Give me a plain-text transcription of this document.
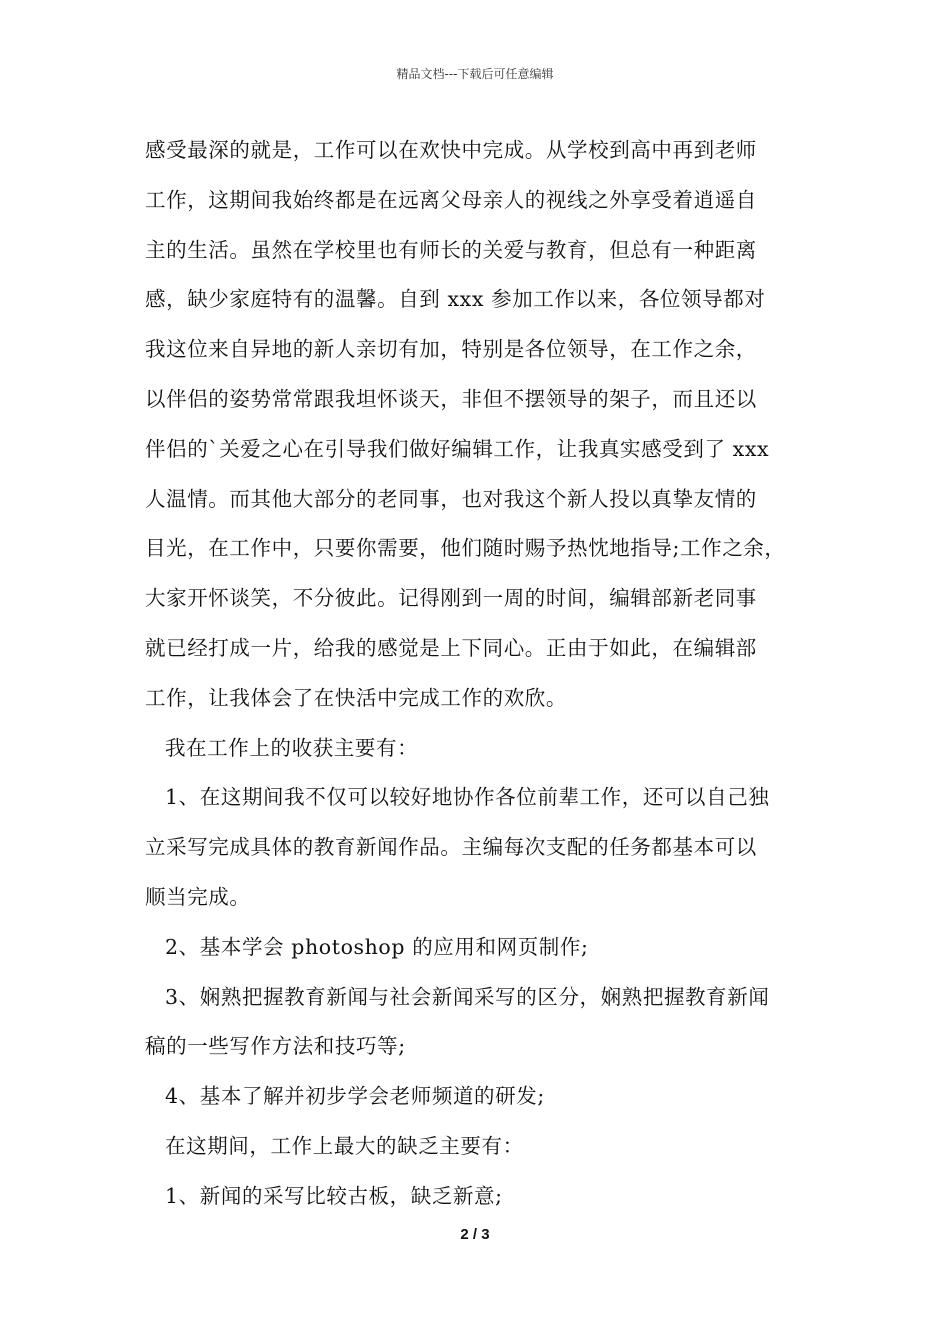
精品文档---下载后可任意编辑
感受最深的就是，工作可以在欢快中完成。从学校到高中再到老师
工作，这期间我始终都是在远离父母亲人的视线之外享受着逍遥自
主的生活。虽然在学校里也有师长的关爱与教育，但总有一种距离
感，缺少家庭特有的温馨。自到 xxx 参加工作以来，各位领导都对
我这位来自异地的新人亲切有加，特别是各位领导，在工作之余，
以伴侣的姿势常常跟我坦怀谈天，非但不摆领导的架子，而且还以
伴侣的`关爱之心在引导我们做好编辑工作，让我真实感受到了 xxx
人温情。而其他大部分的老同事，也对我这个新人投以真挚友情的
目光，在工作中，只要你需要，他们随时赐予热忱地指导;工作之余，
大家开怀谈笑，不分彼此。记得刚到一周的时间，编辑部新老同事
就已经打成一片，给我的感觉是上下同心。正由于如此，在编辑部
工作，让我体会了在快活中完成工作的欢欣。
我在工作上的收获主要有：
1、在这期间我不仅可以较好地协作各位前辈工作，还可以自己独
立采写完成具体的教育新闻作品。主编每次支配的任务都基本可以
顺当完成。
2、基本学会 photoshop 的应用和网页制作;
3、娴熟把握教育新闻与社会新闻采写的区分，娴熟把握教育新闻
稿的一些写作方法和技巧等;
4、基本了解并初步学会老师频道的研发;
在这期间，工作上最大的缺乏主要有：
1、新闻的采写比较古板，缺乏新意;
2 / 3
